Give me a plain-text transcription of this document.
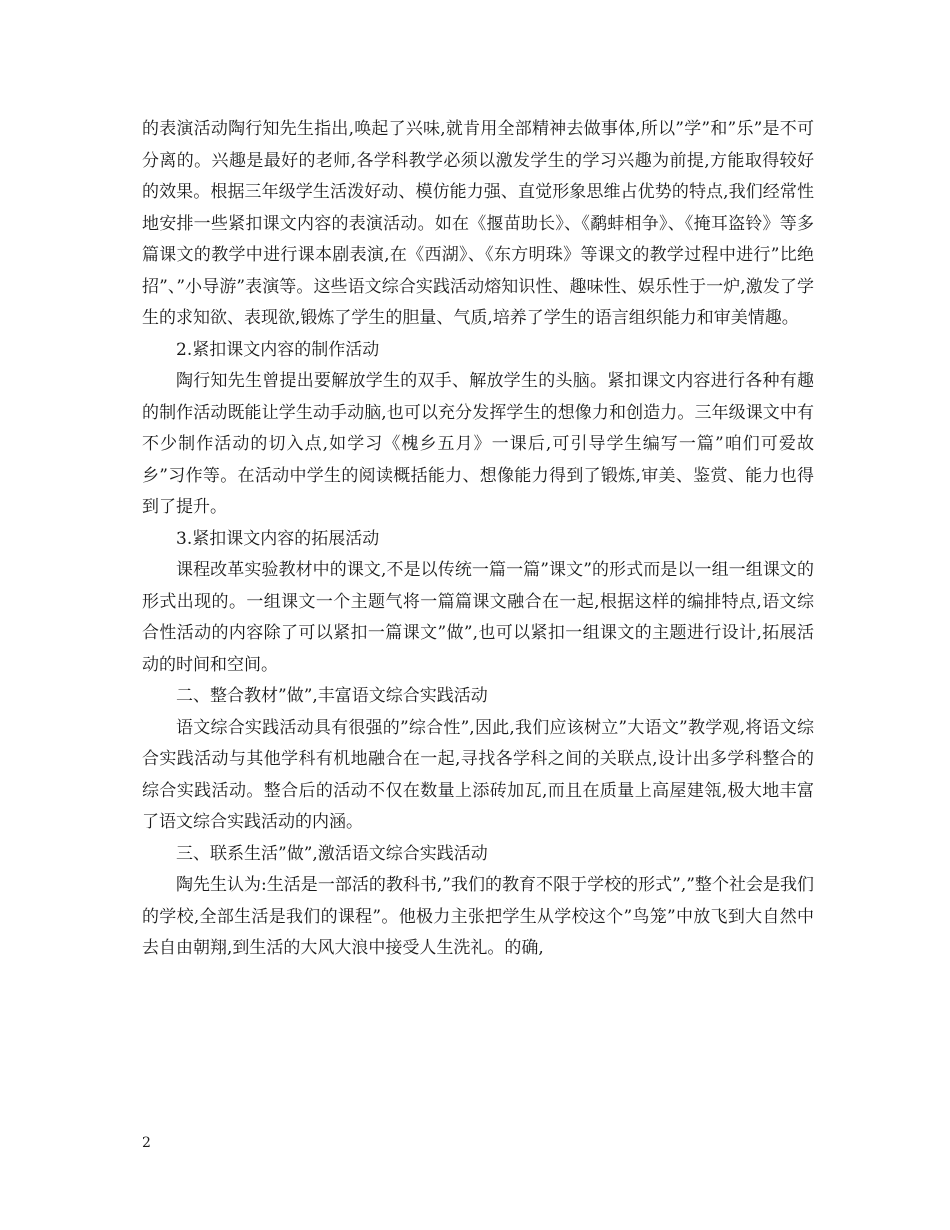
的表演活动陶行知先生指出,唤起了兴味,就肯用全部精神去做事体,所以”学”和”乐”是不可分离的。兴趣是最好的老师,各学科教学必须以激发学生的学习兴趣为前提,方能取得较好的效果。根据三年级学生活泼好动、模仿能力强、直觉形象思维占优势的特点,我们经常性地安排一些紧扣课文内容的表演活动。如在《揠苗助长》、《鹬蚌相争》、《掩耳盗铃》等多篇课文的教学中进行课本剧表演,在《西湖》、《东方明珠》等课文的教学过程中进行”比绝招”、”小导游”表演等。这些语文综合实践活动熔知识性、趣味性、娱乐性于一炉,激发了学生的求知欲、表现欲,锻炼了学生的胆量、气质,培养了学生的语言组织能力和审美情趣。

2.紧扣课文内容的制作活动

陶行知先生曾提出要解放学生的双手、解放学生的头脑。紧扣课文内容进行各种有趣的制作活动既能让学生动手动脑,也可以充分发挥学生的想像力和创造力。三年级课文中有不少制作活动的切入点,如学习《槐乡五月》一课后,可引导学生编写一篇”咱们可爱故乡”习作等。在活动中学生的阅读概括能力、想像能力得到了锻炼,审美、鉴赏、能力也得到了提升。

3.紧扣课文内容的拓展活动

课程改革实验教材中的课文,不是以传统一篇一篇”课文”的形式而是以一组一组课文的形式出现的。一组课文一个主题气将一篇篇课文融合在一起,根据这样的编排特点,语文综合性活动的内容除了可以紧扣一篇课文”做”,也可以紧扣一组课文的主题进行设计,拓展活动的时间和空间。

二、整合教材”做”,丰富语文综合实践活动

语文综合实践活动具有很强的”综合性”,因此,我们应该树立”大语文”教学观,将语文综合实践活动与其他学科有机地融合在一起,寻找各学科之间的关联点,设计出多学科整合的综合实践活动。整合后的活动不仅在数量上添砖加瓦,而且在质量上高屋建瓴,极大地丰富了语文综合实践活动的内涵。

三、联系生活”做”,激活语文综合实践活动

陶先生认为:生活是一部活的教科书,”我们的教育不限于学校的形式”,”整个社会是我们的学校,全部生活是我们的课程”。他极力主张把学生从学校这个”鸟笼”中放飞到大自然中去自由朝翔,到生活的大风大浪中接受人生洗礼。的确,

2
